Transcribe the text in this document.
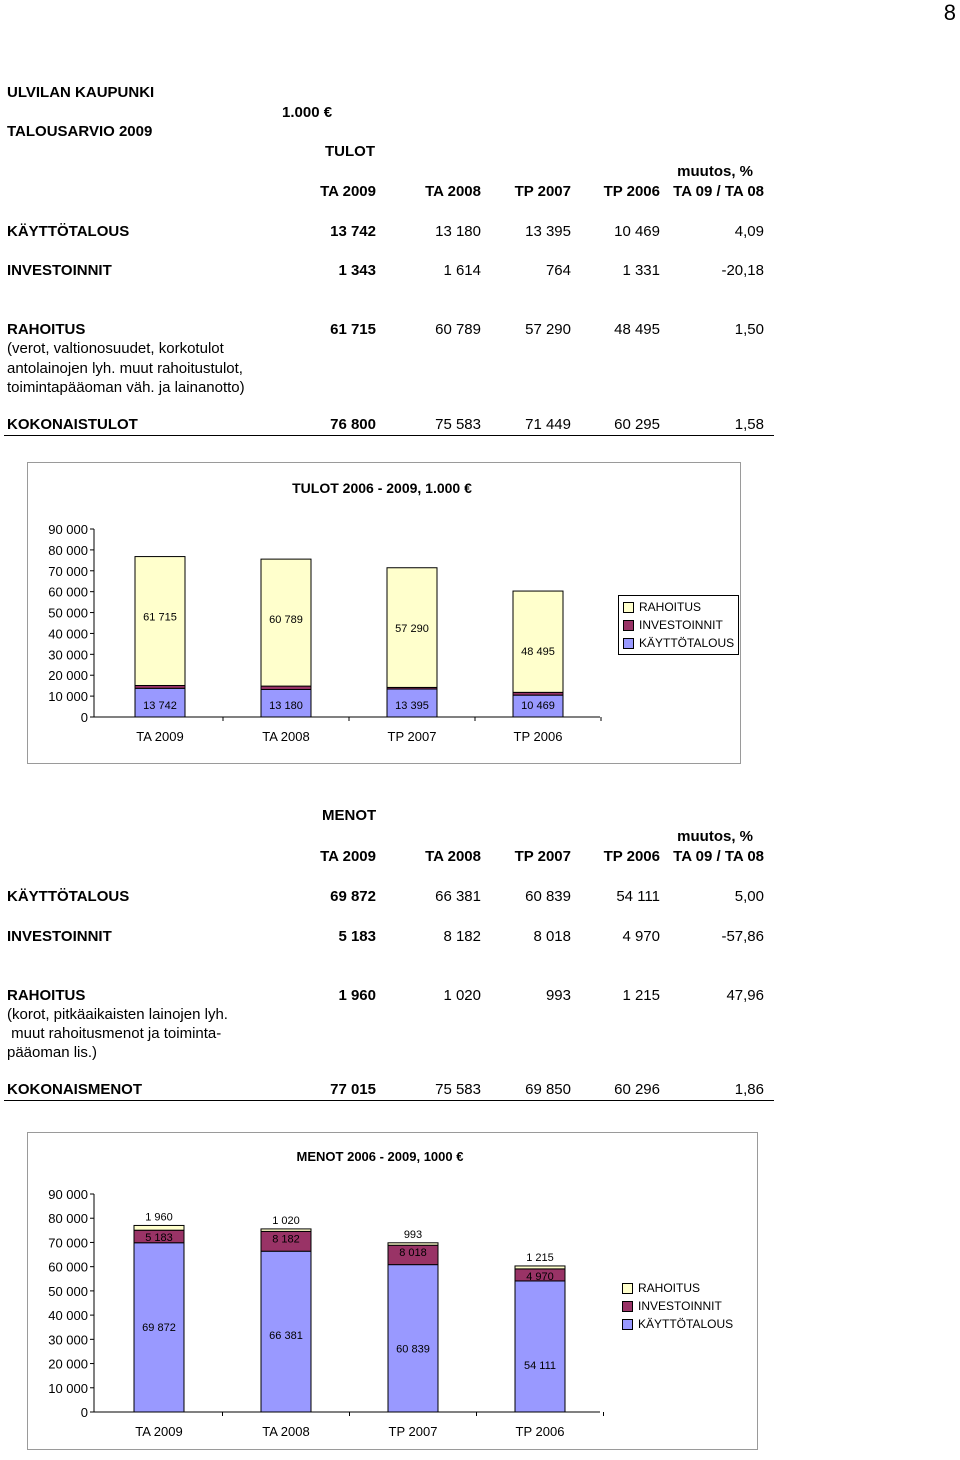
8
ULVILAN KAUPUNKI
1.000 €
TALOUSARVIO 2009
TULOT
muutos, %
TA 2009	TA 2008	TP 2007	TP 2006 TA 09 / TA 08
KÄYTTÖTALOUS	13 742	13 180	13 395	10 469	4,09
INVESTOINNIT	1 343	1 614	764	1 331	-20,18
RAHOITUS	61 715	60 789	57 290	48 495	1,50
(verot, valtionosuudet, korkotulot
antolainojen lyh. muut rahoitustulot,
toimintapääoman väh. ja lainanotto)
KOKONAISTULOT	76 800	75 583	71 449	60 295	1,58
TULOT 2006 - 2009, 1.000 €
0
10 000
20 000
30 000
40 000
50 000
60 000
70 000
80 000
90 000
13 742
61 715
TA 2009
13 180
60 789
TA 2008
13 395
57 290
TP 2007
10 469
48 495
TP 2006
RAHOITUS
INVESTOINNIT
KÄYTTÖTALOUS
MENOT
muutos, %
TA 2009	TA 2008	TP 2007	TP 2006 TA 09 / TA 08
KÄYTTÖTALOUS	69 872	66 381	60 839	54 111	5,00
INVESTOINNIT	5 183	8 182	8 018	4 970	-57,86
RAHOITUS	1 960	1 020	993	1 215	47,96
(korot, pitkäaikaisten lainojen lyh.
muut rahoitusmenot ja toiminta-
pääoman lis.)
KOKONAISMENOT	77 015	75 583	69 850	60 296	1,86
MENOT 2006 - 2009, 1000 €
0
10 000
20 000
30 000
40 000
50 000
60 000
70 000
80 000
90 000
69 872
5 183
1 960
TA 2009
66 381
8 182
1 020
TA 2008
60 839
8 018
993
TP 2007
54 111
4 970
1 215
TP 2006
RAHOITUS
INVESTOINNIT
KÄYTTÖTALOUS
